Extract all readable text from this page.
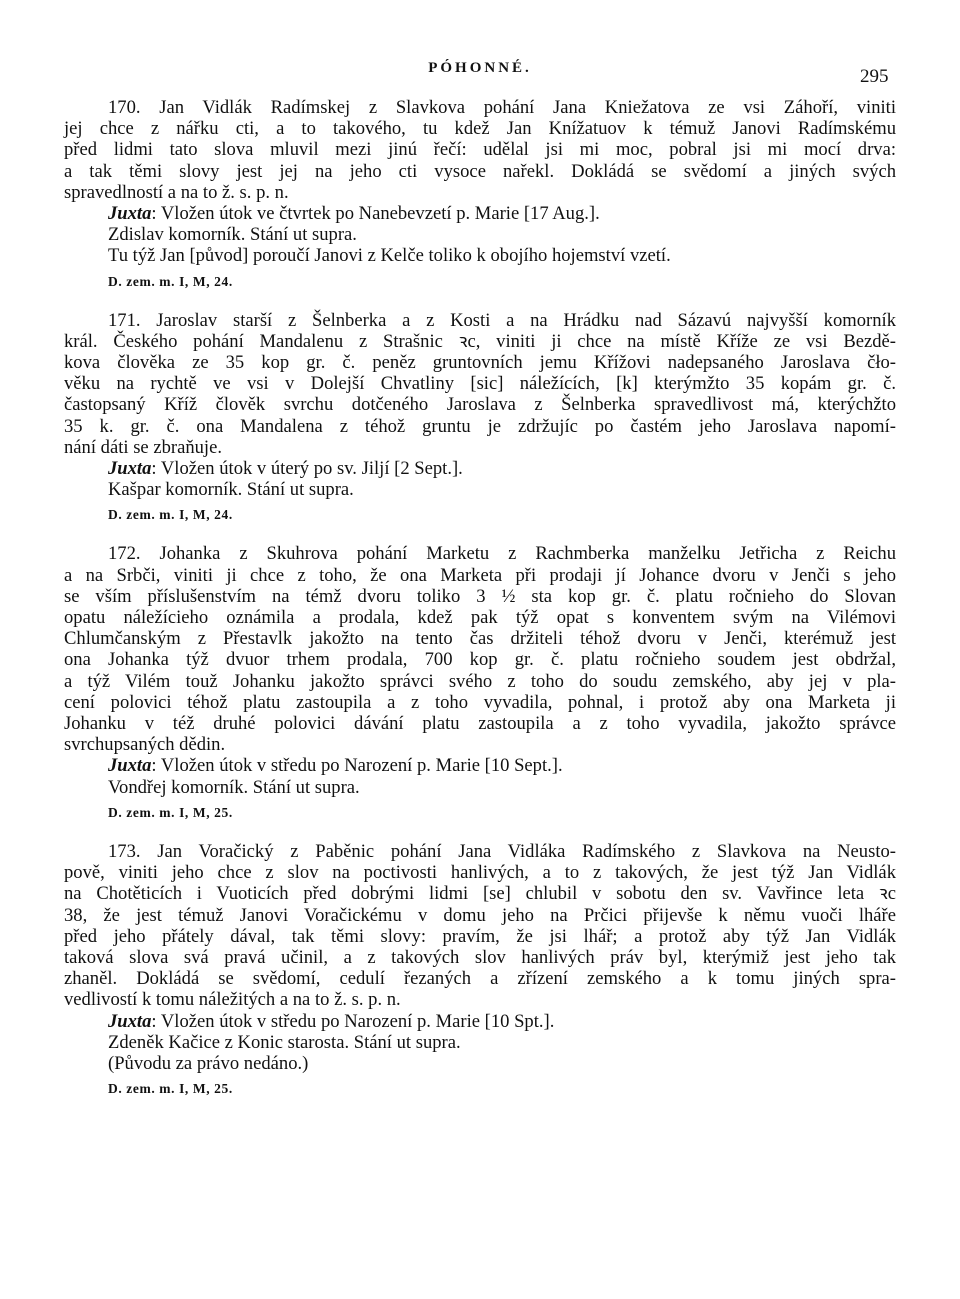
PÓHONNÉ.	295
170. Jan Vidlák Radímskej z Slavkova pohání Jana Kniežatova ze vsi Záhoří, viniti
jej chce z nářku cti, a to takového, tu kdež Jan Knížatuov k témuž Janovi Radímskému
před lidmi tato slova mluvil mezi jinú řečí: udělal jsi mi moc, pobral jsi mi mocí drva:
a tak těmi slovy jest jej na jeho cti vysoce nařekl. Dokládá se svědomí a jiných svých
spravedlností a na to ž. s. p. n.
Juxta: Vložen útok ve čtvrtek po Nanebevzetí p. Marie [17 Aug.].
Zdislav komorník. Stání ut supra.
Tu týž Jan [původ] poroučí Janovi z Kelče toliko k obojího hojemství vzetí.
D. zem. m. I, M, 24.
171. Jaroslav starší z Šelnberka a z Kosti a na Hrádku nad Sázavú najvyšší komorník
král. Českého pohání Mandalenu z Strašnic ꝛc, viniti ji chce na místě Kříže ze vsi Bezdě-
kova člověka ze 35 kop gr. č. peněz gruntovních jemu Křížovi nadepsaného Jaroslava čło-
věku na rychtě ve vsi v Dolejší Chvatliny [sic] náležících, [k] kterýmžto 35 kopám gr. č.
častopsaný Kříž člověk svrchu dotčeného Jaroslava z Šelnberka spravedlivost má, kterýchžto
35 k. gr. č. ona Mandalena z téhož gruntu je zdržujíc po častém jeho Jaroslava napomí-
nání dáti se zbraňuje.
Juxta: Vložen útok v úterý po sv. Jiljí [2 Sept.].
Kašpar komorník. Stání ut supra.
D. zem. m. I, M, 24.
172. Johanka z Skuhrova pohání Marketu z Rachmberka manželku Jetřicha z Reichu
a na Srbči, viniti ji chce z toho, že ona Marketa při prodaji jí Johance dvoru v Jenči s jeho
se vším příslušenstvím na témž dvoru toliko 3 ½ sta kop gr. č. platu ročnieho do Slovan
opatu náležícieho oznámila a prodala, kdež pak týž opat s konventem svým na Vilémovi
Chlumčanským z Přestavlk jakožto na tento čas držiteli téhož dvoru v Jenči, kterémuž jest
ona Johanka týž dvuor trhem prodala, 700 kop gr. č. platu ročnieho soudem jest obdržal,
a týž Vilém touž Johanku jakožto správci svého z toho do soudu zemského, aby jej v pla-
cení polovici téhož platu zastoupila a z toho vyvadila, pohnal, i protož aby ona Marketa ji
Johanku v též druhé polovici dávání platu zastoupila a z toho vyvadila, jakožto správce
svrchupsaných dědin.
Juxta: Vložen útok v středu po Narození p. Marie [10 Sept.].
Vondřej komorník. Stání ut supra.
D. zem. m. I, M, 25.
173. Jan Voračický z Paběnic pohání Jana Vidláka Radímského z Slavkova na Neusto-
pově, viniti jeho chce z slov na poctivosti hanlivých, a to z takových, že jest týž Jan Vidlák
na Chotěticích i Vuoticích před dobrými lidmi [se] chlubil v sobotu den sv. Vavřince leta ꝛc
38, že jest témuž Janovi Voračickému v domu jeho na Prčici přijevše k němu vuoči lháře
před jeho přátely dával, tak těmi slovy: pravím, že jsi lhář; a protož aby týž Jan Vidlák
taková slova svá pravá učinil, a z takových slov hanlivých práv byl, kterýmiž jest jeho tak
zhaněl. Dokládá se svědomí, cedulí řezaných a zřízení zemského a k tomu jiných spra-
vedlivostí k tomu náležitých a na to ž. s. p. n.
Juxta: Vložen útok v středu po Narození p. Marie [10 Spt.].
Zdeněk Kačice z Konic starosta. Stání ut supra.
(Původu za právo nedáno.)
D. zem. m. I, M, 25.
